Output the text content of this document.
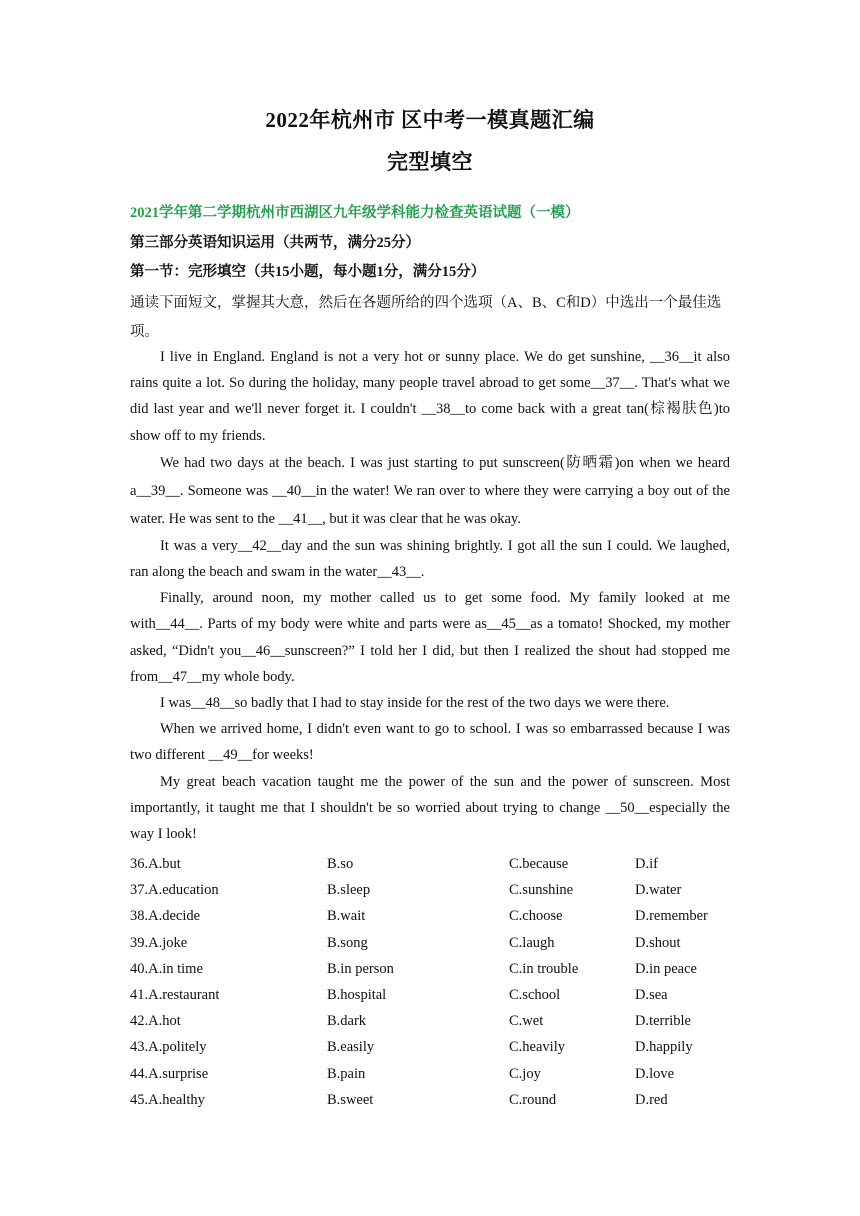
2022年杭州市 区中考一模真题汇编
完型填空
2021学年第二学期杭州市西湖区九年级学科能力检查英语试题（一模）
第三部分英语知识运用（共两节，满分25分）
第一节：完形填空（共15小题，每小题1分，满分15分）
通读下面短文，掌握其大意，然后在各题所给的四个选项（A、B、C和D）中选出一个最佳选项。

I live in England. England is not a very hot or sunny place. We do get sunshine, __36__it also rains quite a lot. So during the holiday, many people travel abroad to get some__37__. That's what we did last year and we'll never forget it. I couldn't __38__to come back with a great tan(棕褐肤色)to show off to my friends.

We had two days at the beach. I was just starting to put sunscreen(防晒霜)on when we heard a__39__. Someone was __40__in the water! We ran over to where they were carrying a boy out of the water. He was sent to the __41__, but it was clear that he was okay.

It was a very__42__day and the sun was shining brightly. I got all the sun I could. We laughed, ran along the beach and swam in the water__43__.

Finally, around noon, my mother called us to get some food. My family looked at me with__44__. Parts of my body were white and parts were as__45__as a tomato! Shocked, my mother asked, “Didn't you__46__sunscreen?” I told her I did, but then I realized the shout had stopped me from__47__my whole body.

I was__48__so badly that I had to stay inside for the rest of the two days we were there.

When we arrived home, I didn't even want to go to school. I was so embarrassed because I was two different __49__for weeks!

My great beach vacation taught me the power of the sun and the power of sunscreen. Most importantly, it taught me that I shouldn't be so worried about trying to change __50__especially the way I look!

36.A.but	B.so	C.because	D.if
37.A.education	B.sleep	C.sunshine	D.water
38.A.decide	B.wait	C.choose	D.remember
39.A.joke	B.song	C.laugh	D.shout
40.A.in time	B.in person	C.in trouble	D.in peace
41.A.restaurant	B.hospital	C.school	D.sea
42.A.hot	B.dark	C.wet	D.terrible
43.A.politely	B.easily	C.heavily	D.happily
44.A.surprise	B.pain	C.joy	D.love
45.A.healthy	B.sweet	C.round	D.red
